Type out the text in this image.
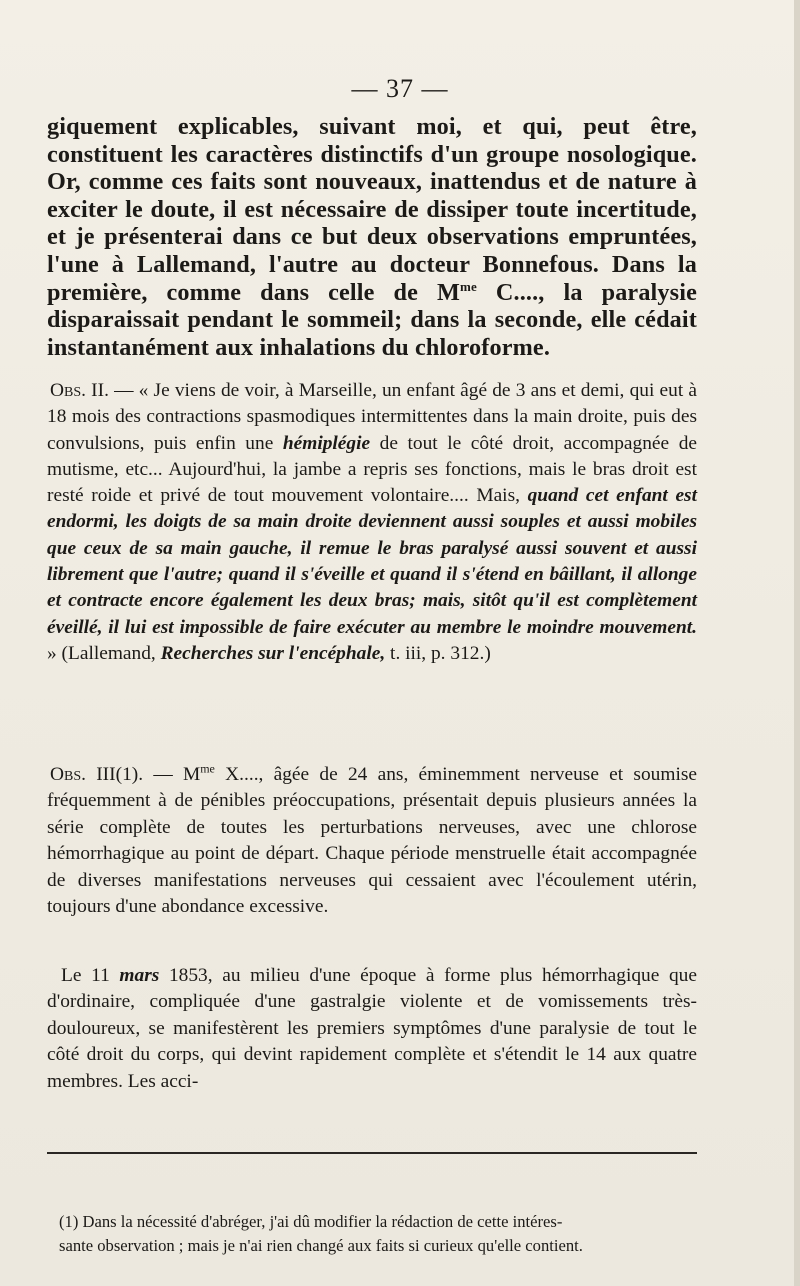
— 37 —

giquement explicables, suivant moi, et qui, peut être, constituent les caractères distinctifs d'un groupe nosologique. Or, comme ces faits sont nouveaux, inattendus et de nature à exciter le doute, il est nécessaire de dissiper toute incertitude, et je présenterai dans ce but deux observations empruntées, l'une à Lallemand, l'autre au docteur Bonnefous. Dans la première, comme dans celle de $M^{me}$ C...., la paralysie disparaissait pendant le sommeil; dans la seconde, elle cédait instantanément aux inhalations du chloroforme.

Obs. II. — « Je viens de voir, à Marseille, un enfant âgé de 3 ans et demi, qui eut à 18 mois des contractions spasmodiques intermittentes dans la main droite, puis des convulsions, puis enfin une hémiplégie de tout le côté droit, accompagnée de mutisme, etc... Aujourd'hui, la jambe a repris ses fonctions, mais le bras droit est resté roide et privé de tout mouvement volontaire.... Mais, quand cet enfant est endormi, les doigts de sa main droite deviennent aussi souples et aussi mobiles que ceux de sa main gauche, il remue le bras paralysé aussi souvent et aussi librement que l'autre; quand il s'éveille et quand il s'étend en bâillant, il allonge et contracte encore également les deux bras; mais, sitôt qu'il est complètement éveillé, il lui est impossible de faire exécuter au membre le moindre mouvement. » (Lallemand, Recherches sur l'encéphale, t. iii, p. 312.)

Obs. III(1). — $M^{me}$ X...., âgée de 24 ans, éminemment nerveuse et soumise fréquemment à de pénibles préoccupations, présentait depuis plusieurs années la série complète de toutes les perturbations nerveuses, avec une chlorose hémorrhagique au point de départ. Chaque période menstruelle était accompagnée de diverses manifestations nerveuses qui cessaient avec l'écoulement utérin, toujours d'une abondance excessive.

Le 11 mars 1853, au milieu d'une époque à forme plus hémorrhagique que d'ordinaire, compliquée d'une gastralgie violente et de vomissements très-douloureux, se manifestèrent les premiers symptômes d'une paralysie de tout le côté droit du corps, qui devint rapidement complète et s'étendit le 14 aux quatre membres. Les acci-

(1) Dans la nécessité d'abréger, j'ai dû modifier la rédaction de cette intéres-
sante observation ; mais je n'ai rien changé aux faits si curieux qu'elle contient.
